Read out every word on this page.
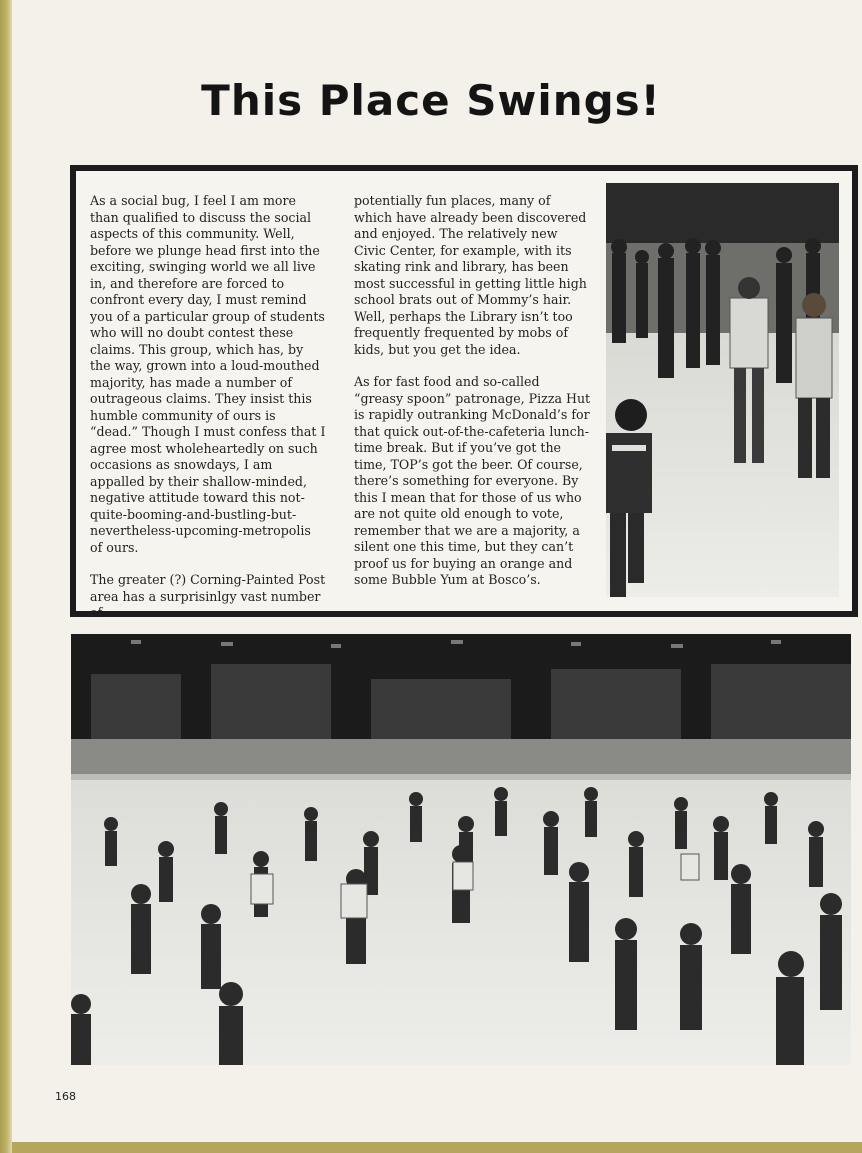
This Place Swings!

As a social bug, I feel I am more than qualified to discuss the social aspects of this community. Well, before we plunge head first into the exciting, swinging world we all live in, and therefore are forced to confront every day, I must remind you of a particular group of students who will no doubt contest these claims. This group, which has, by the way, grown into a loud-mouthed majority, has made a number of outrageous claims. They insist this humble community of ours is “dead.” Though I must confess that I agree most wholeheartedly on such occasions as snowdays, I am appalled by their shallow-minded, negative attitude toward this not-quite-booming-and-bustling-but-nevertheless-upcoming-metropolis of ours.

The greater (?) Corning-Painted Post area has a surprisinlgy vast number of

potentially fun places, many of which have already been discovered and enjoyed. The relatively new Civic Center, for example, with its skating rink and library, has been most successful in getting little high school brats out of Mommy’s hair. Well, perhaps the Library isn’t too frequently frequented by mobs of kids, but you get the idea.

As for fast food and so-called “greasy spoon” patronage, Pizza Hut is rapidly outranking McDonald’s for that quick out-of-the-cafeteria lunch-time break. But if you’ve got the time, TOP’s got the beer. Of course, there’s something for everyone. By this I mean that for those of us who are not quite old enough to vote, remember that we are a majority, a silent one this time, but they can’t proof us for buying an orange and some Bubble Yum at Bosco’s.

168
